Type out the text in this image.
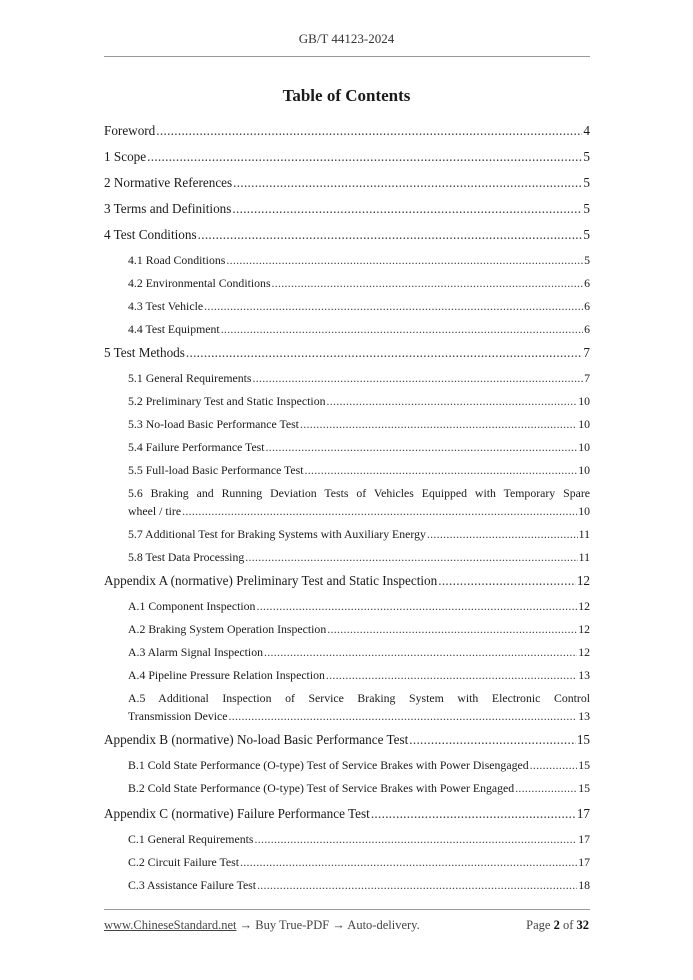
GB/T 44123-2024
Table of Contents
Foreword .....	4
1 Scope .....	5
2 Normative References .....	5
3 Terms and Definitions .....	5
4 Test Conditions .....	5
4.1 Road Conditions .....	5
4.2 Environmental Conditions .....	6
4.3 Test Vehicle .....	6
4.4 Test Equipment .....	6
5 Test Methods .....	7
5.1 General Requirements .....	7
5.2 Preliminary Test and Static Inspection .....	10
5.3 No-load Basic Performance Test .....	10
5.4 Failure Performance Test .....	10
5.5 Full-load Basic Performance Test .....	10
5.6 Braking and Running Deviation Tests of Vehicles Equipped with Temporary Spare
wheel / tire .....	10
5.7 Additional Test for Braking Systems with Auxiliary Energy .....	11
5.8 Test Data Processing .....	11
Appendix A (normative) Preliminary Test and Static Inspection .....	12
A.1 Component Inspection .....	12
A.2 Braking System Operation Inspection .....	12
A.3 Alarm Signal Inspection .....	12
A.4 Pipeline Pressure Relation Inspection .....	13
A.5 Additional Inspection of Service Braking System with Electronic Control
Transmission Device .....	13
Appendix B (normative) No-load Basic Performance Test .....	15
B.1 Cold State Performance (O-type) Test of Service Brakes with Power Disengaged .....	15
B.2 Cold State Performance (O-type) Test of Service Brakes with Power Engaged .....	15
Appendix C (normative) Failure Performance Test .....	17
C.1 General Requirements .....	17
C.2 Circuit Failure Test .....	17
C.3 Assistance Failure Test .....	18
www.ChineseStandard.net → Buy True-PDF → Auto-delivery.	Page 2 of 32
